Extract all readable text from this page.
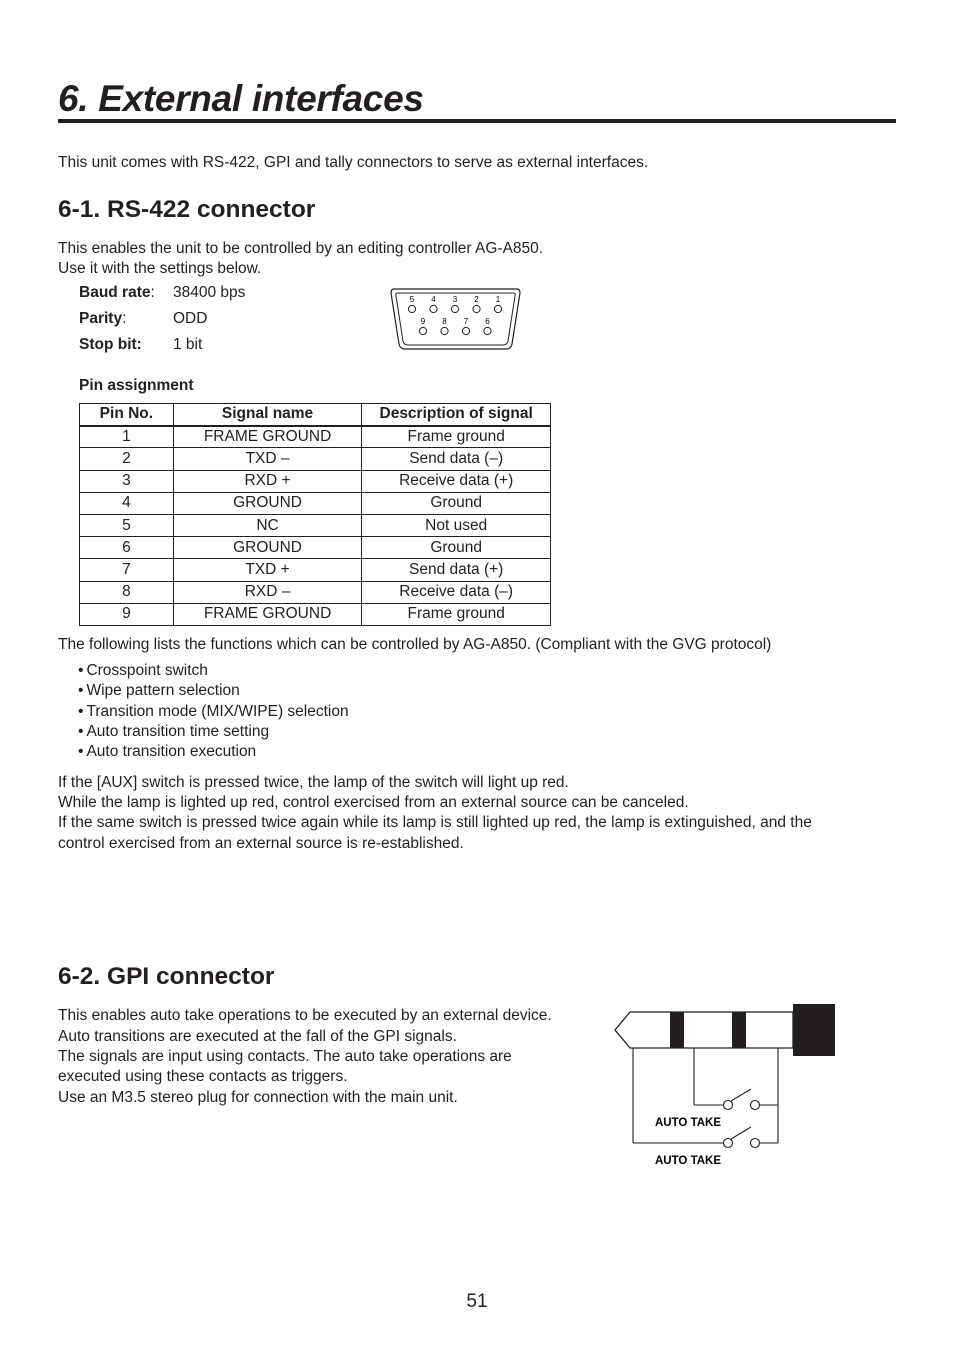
6. External interfaces

This unit comes with RS-422, GPI and tally connectors to serve as external interfaces.

6-1. RS-422 connector

This enables the unit to be controlled by an editing controller AG-A850.

Use it with the settings below.

Baud rate: 38400 bps
Parity:	ODD
Stop bit: 1 bit
5 4 3 2 1
9 8 7 6
Pin assignment
Pin No.	Signal name	Description of signal
1	FRAME GROUND	Frame ground
2	TXD –	Send data (–)
3	RXD +	Receive data (+)
4	GROUND	Ground
5	NC	Not used
6	GROUND	Ground
7	TXD +	Send data (+)
8	RXD –	Receive data (–)
9	FRAME GROUND	Frame ground

The following lists the functions which can be controlled by AG-A850. (Compliant with the GVG protocol)

• Crosspoint switch
• Wipe pattern selection
• Transition mode (MIX/WIPE) selection
• Auto transition time setting
• Auto transition execution

If the [AUX] switch is pressed twice, the lamp of the switch will light up red.

While the lamp is lighted up red, control exercised from an external source can be canceled.

If the same switch is pressed twice again while its lamp is still lighted up red, the lamp is extinguished, and the

control exercised from an external source is re-established.

6-2. GPI connector

This enables auto take operations to be executed by an external device.

Auto transitions are executed at the fall of the GPI signals.

The signals are input using contacts. The auto take operations are

executed using these contacts as triggers.

Use an M3.5 stereo plug for connection with the main unit.

AUTO TAKE
AUTO TAKE
51
